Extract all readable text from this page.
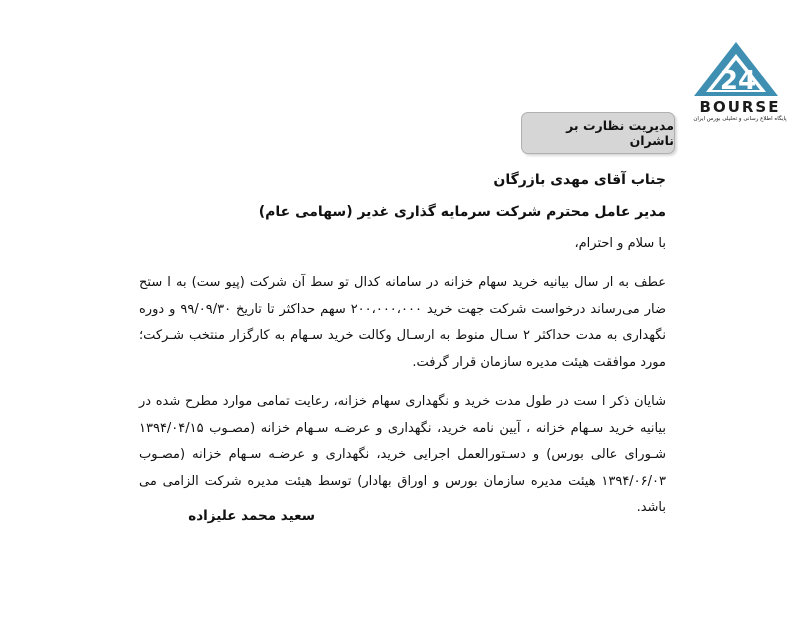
24
BOURSE
پایگاه اطلاع رسانی و تحلیلی بورس ایران
مدیریت نظارت بر ناشران
جناب آقای مهدی بازرگان
مدیر عامل محترم شرکت سرمایه گذاری غدیر (سهامی عام)
با سلام و احترام،
عطف به ار سال بیانیه خرید سهام خزانه در سامانه کدال تو سط آن شرکت (پیو ست) به ا ستح ضار می‌رساند درخواست شرکت جهت خرید ۲۰۰،۰۰۰،۰۰۰ سهم حداکثر تا تاریخ ۹۹/۰۹/۳۰ و دوره نگهداری به مدت حداکثر ۲ سـال منوط به ارسـال وکالت خرید سـهام به کارگزار منتخب شـرکت؛ مورد موافقت هیئت مدیره سازمان قرار گرفت.
شایان ذکر ا ست در طول مدت خرید و نگهداری سهام خزانه، رعایت تمامی موارد مطرح شده در بیانیه خرید سـهام خزانه ، آیین نامه خرید، نگهداری و عرضـه سـهام خزانه (مصـوب ۱۳۹۴/۰۴/۱۵ شـورای عالی بورس) و دسـتورالعمل اجرایی خرید، نگهداری و عرضـه سـهام خزانه (مصـوب ۱۳۹۴/۰۶/۰۳ هیئت مدیره سازمان بورس و اوراق بهادار) توسط هیئت مدیره شرکت الزامی می باشد.
سعید محمد علیزاده
